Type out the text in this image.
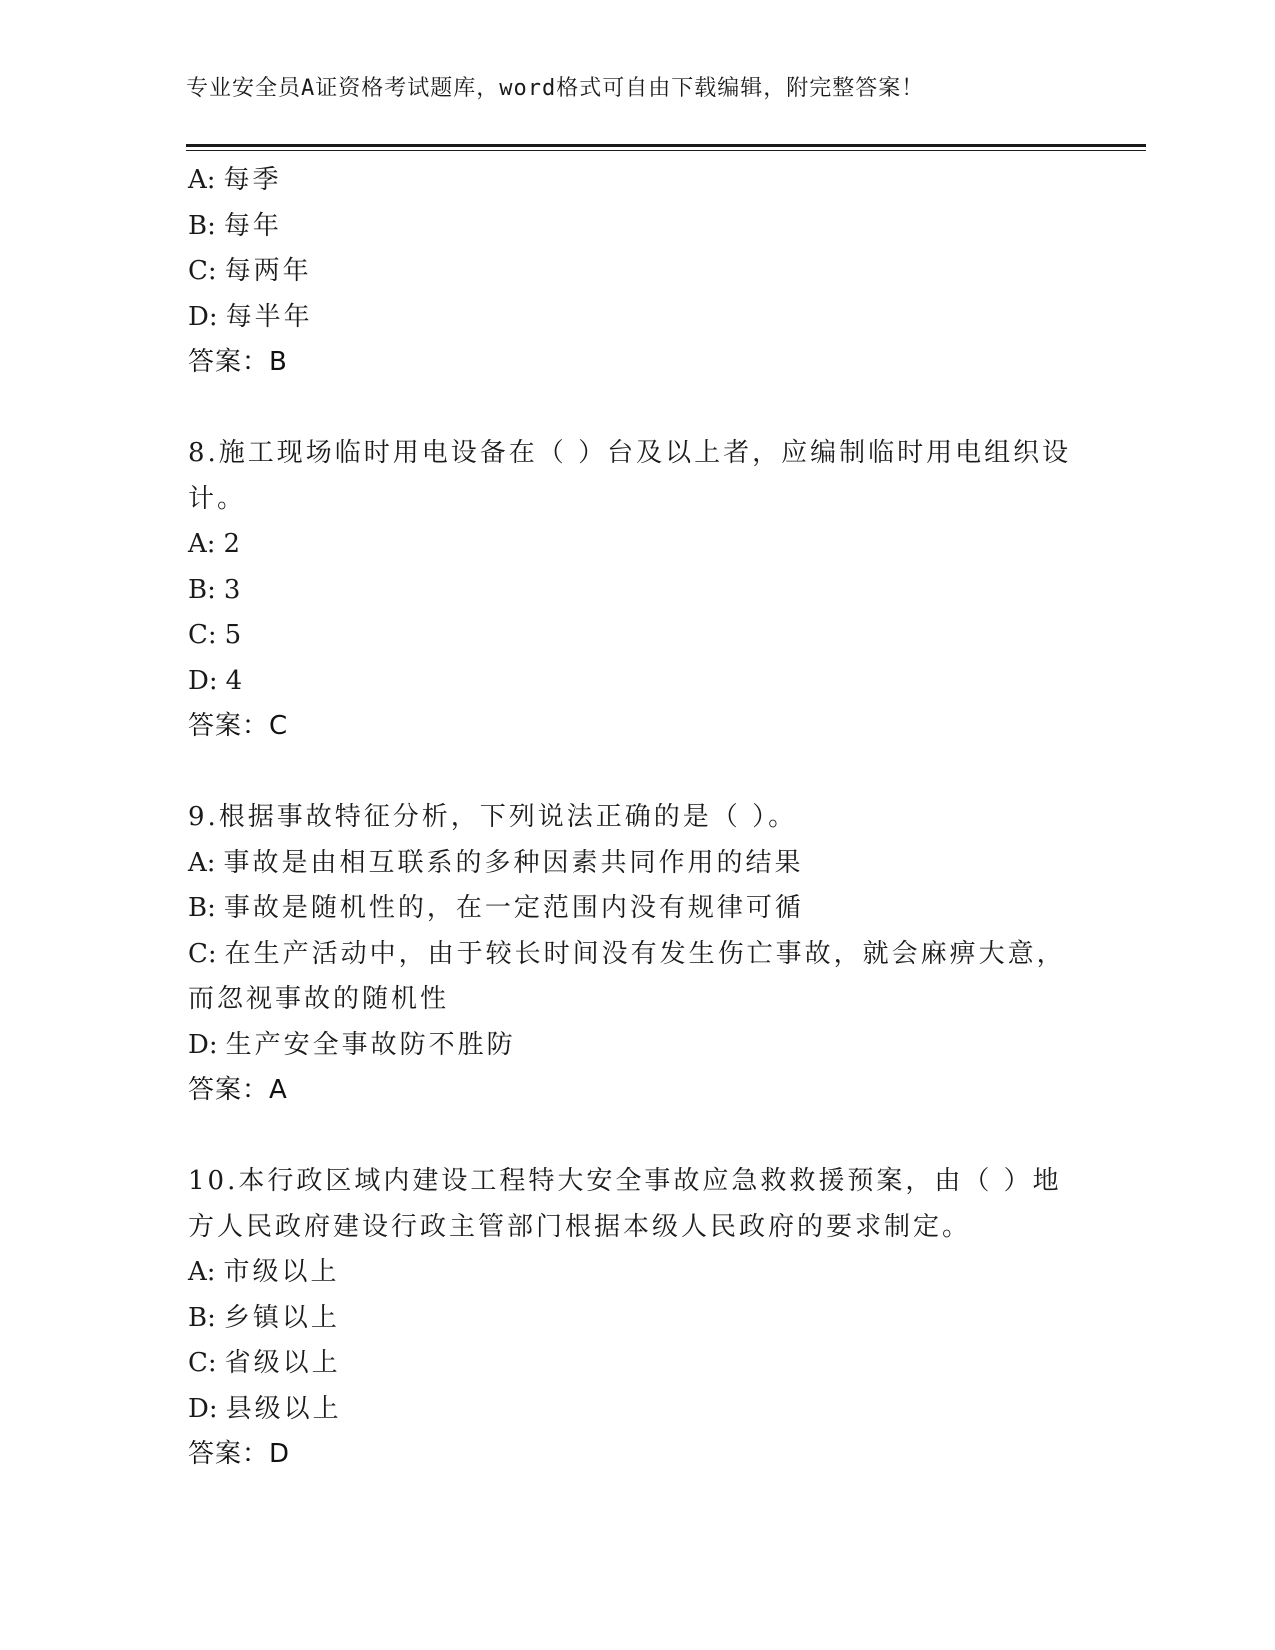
专业安全员A证资格考试题库，word格式可自由下载编辑，附完整答案！
A: 每季
B: 每年
C: 每两年
D: 每半年
答案：B
8.施工现场临时用电设备在（ ）台及以上者，应编制临时用电组织设
计。
A: 2
B: 3
C: 5
D: 4
答案：C
9.根据事故特征分析，下列说法正确的是（ ）。
A: 事故是由相互联系的多种因素共同作用的结果
B: 事故是随机性的，在一定范围内没有规律可循
C: 在生产活动中，由于较长时间没有发生伤亡事故，就会麻痹大意，
而忽视事故的随机性
D: 生产安全事故防不胜防
答案：A
10.本行政区域内建设工程特大安全事故应急救救援预案，由（ ）地
方人民政府建设行政主管部门根据本级人民政府的要求制定。
A: 市级以上
B: 乡镇以上
C: 省级以上
D: 县级以上
答案：D
